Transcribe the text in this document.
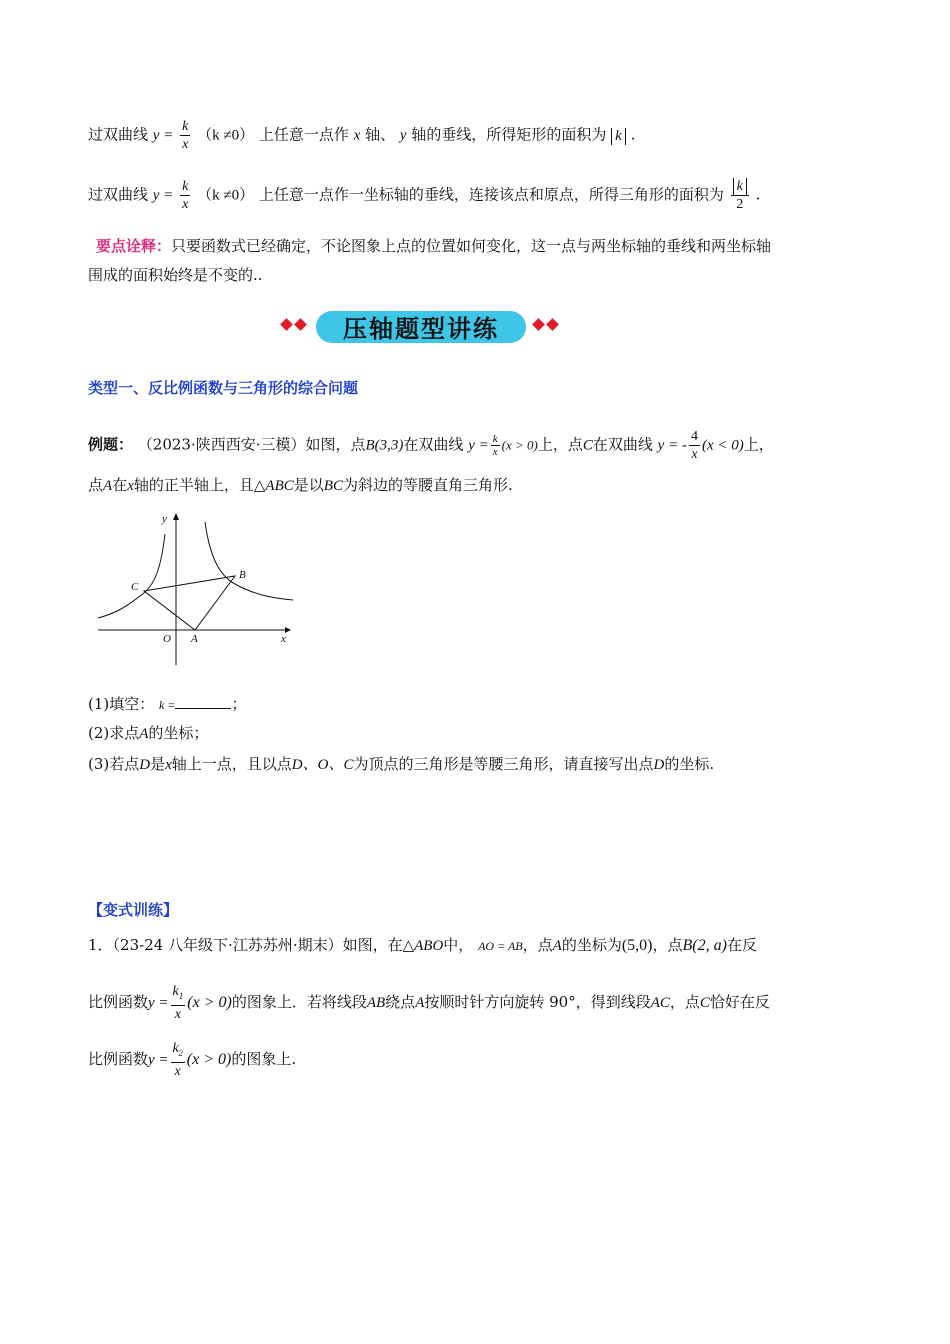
过双曲线 $y = \frac{k}{x} (k \ne 0)$ 上任意一点作 x 轴、 y 轴的垂线，所得矩形的面积为 k .
过双曲线 $y = \frac{k}{x} (k \ne 0)$ 上任意一点作一坐标轴的垂线，连接该点和原点，所得三角形的面积为 $\frac{k}{2}$ .
要点诠释：只要函数式已经确定，不论图象上点的位置如何变化，这一点与两坐标轴的垂线和两坐标轴
围成的面积始终是不变的..
压轴题型讲练
类型一、反比例函数与三角形的综合问题
例题： （2023·陕西西安·三模）如图，点B(3,3)在双曲线 $y = \frac{k}{x} (x > 0)$上，点C在双曲线 y = - $\frac{4}{x} (x < 0)$上，
点A在x轴的正半轴上，且△ABC是以BC为斜边的等腰直角三角形.
y
x
O A
B
C
(1)填空： k =	；
(2)求点A的坐标；
(3)若点D是x轴上一点，且以点D、O、C为顶点的三角形是等腰三角形，请直接写出点D的坐标.
【变式训练】
1．（23-24 八年级下·江苏苏州·期末）如图，在△ABO中， AO = AB，点A的坐标为(5,0)，点B(2, a)在反
比例函数$y = \frac{k_1}{x} (x > 0)$的图象上．若将线段AB绕点A按顺时针方向旋转 90°，得到线段AC，点C恰好在反
比例函数$y = \frac{k_2}{x} (x > 0)$的图象上.
